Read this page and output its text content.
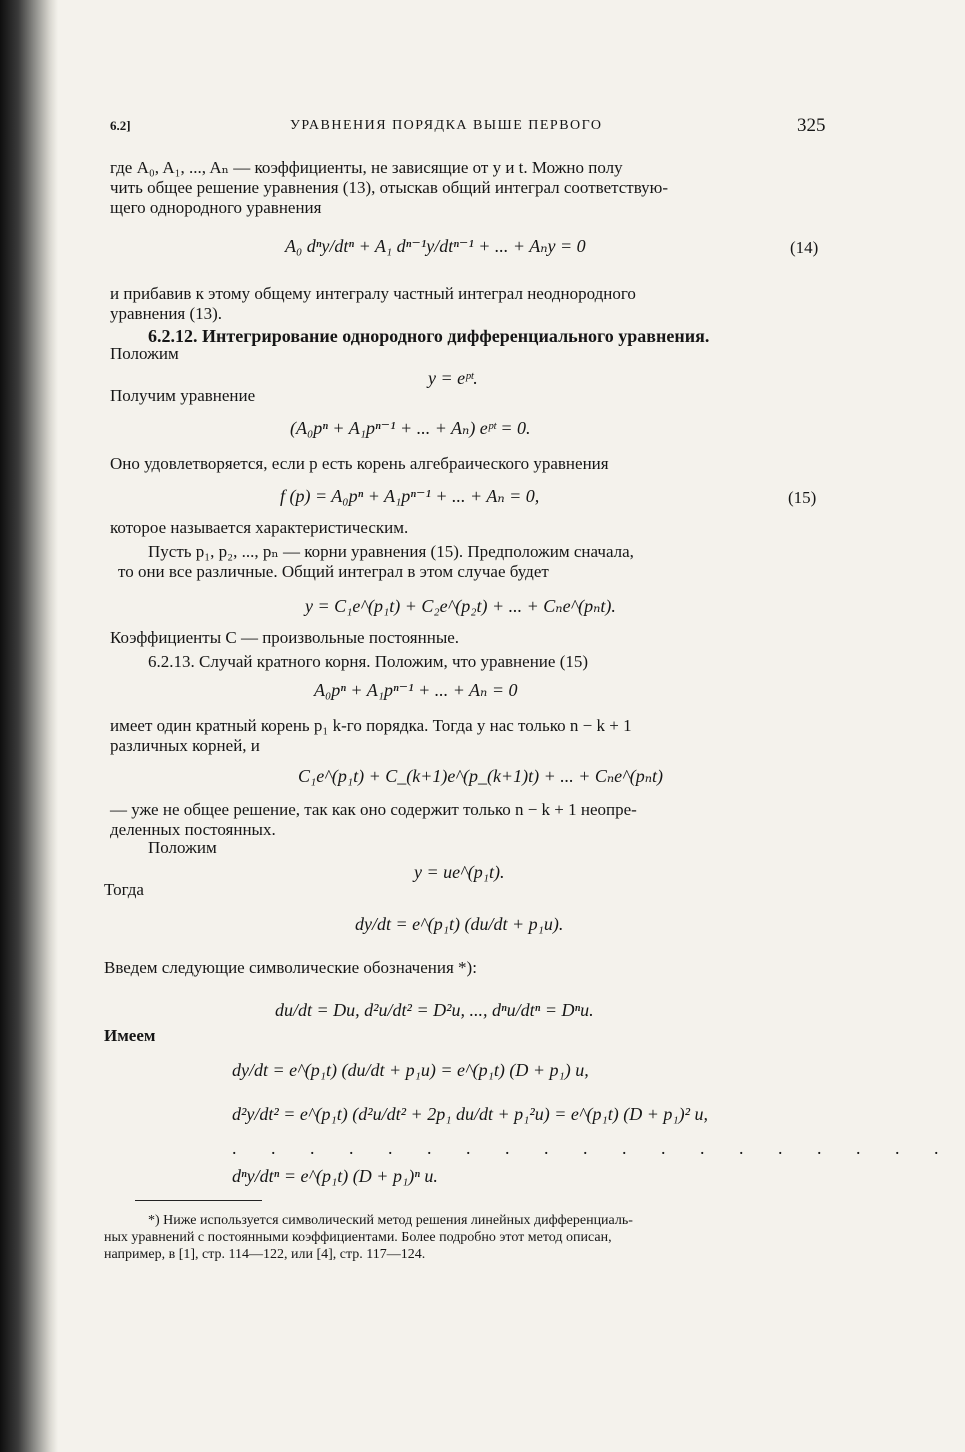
6.2]	УРАВНЕНИЯ ПОРЯДКА ВЫШЕ ПЕРВОГО	325
где A₀, A₁, ..., Aₙ — коэффициенты, не зависящие от y и t. Можно полу
чить общее решение уравнения (13), отыскав общий интеграл соответствую-
щего однородного уравнения
A₀ dⁿy/dtⁿ + A₁ dⁿ⁻¹y/dtⁿ⁻¹ + ... + Aₙy = 0	(14)
и прибавив к этому общему интегралу частный интеграл неоднородного
уравнения (13).
6.2.12. Интегрирование однородного дифференциального уравнения.
Положим
y = eᵖᵗ.
Получим уравнение
(A₀pⁿ + A₁pⁿ⁻¹ + ... + Aₙ) eᵖᵗ = 0.
Оно удовлетворяется, если p есть корень алгебраического уравнения
f (p) = A₀pⁿ + A₁pⁿ⁻¹ + ... + Aₙ = 0,	(15)
которое называется характеристическим.
Пусть p₁, p₂, ..., pₙ — корни уравнения (15). Предположим сначала,
то они все различные. Общий интеграл в этом случае будет
y = C₁e^(p₁t) + C₂e^(p₂t) + ... + Cₙe^(pₙt).
Коэффициенты C — произвольные постоянные.
6.2.13. Случай кратного корня. Положим, что уравнение (15)
A₀pⁿ + A₁pⁿ⁻¹ + ... + Aₙ = 0
имеет один кратный корень p₁ k-го порядка. Тогда у нас только n − k + 1
различных корней, и
C₁e^(p₁t) + C_(k+1)e^(p_(k+1)t) + ... + Cₙe^(pₙt)
— уже не общее решение, так как оно содержит только n − k + 1 неопре-
деленных постоянных.
Положим
y = ue^(p₁t).
Тогда
dy/dt = e^(p₁t) (du/dt + p₁u).
Введем следующие символические обозначения *):
du/dt = Du, d²u/dt² = D²u, ..., dⁿu/dtⁿ = Dⁿu.
Имеем
dy/dt = e^(p₁t) (du/dt + p₁u) = e^(p₁t) (D + p₁) u,
d²y/dt² = e^(p₁t) (d²u/dt² + 2p₁ du/dt + p₁²u) = e^(p₁t) (D + p₁)² u,
. . . . . . . . . . . . . . . . . . .
dⁿy/dtⁿ = e^(p₁t) (D + p₁)ⁿ u.
*) Ниже используется символический метод решения линейных дифференциаль-
ных уравнений с постоянными коэффициентами. Более подробно этот метод описан,
например, в [1], стр. 114—122, или [4], стр. 117—124.
